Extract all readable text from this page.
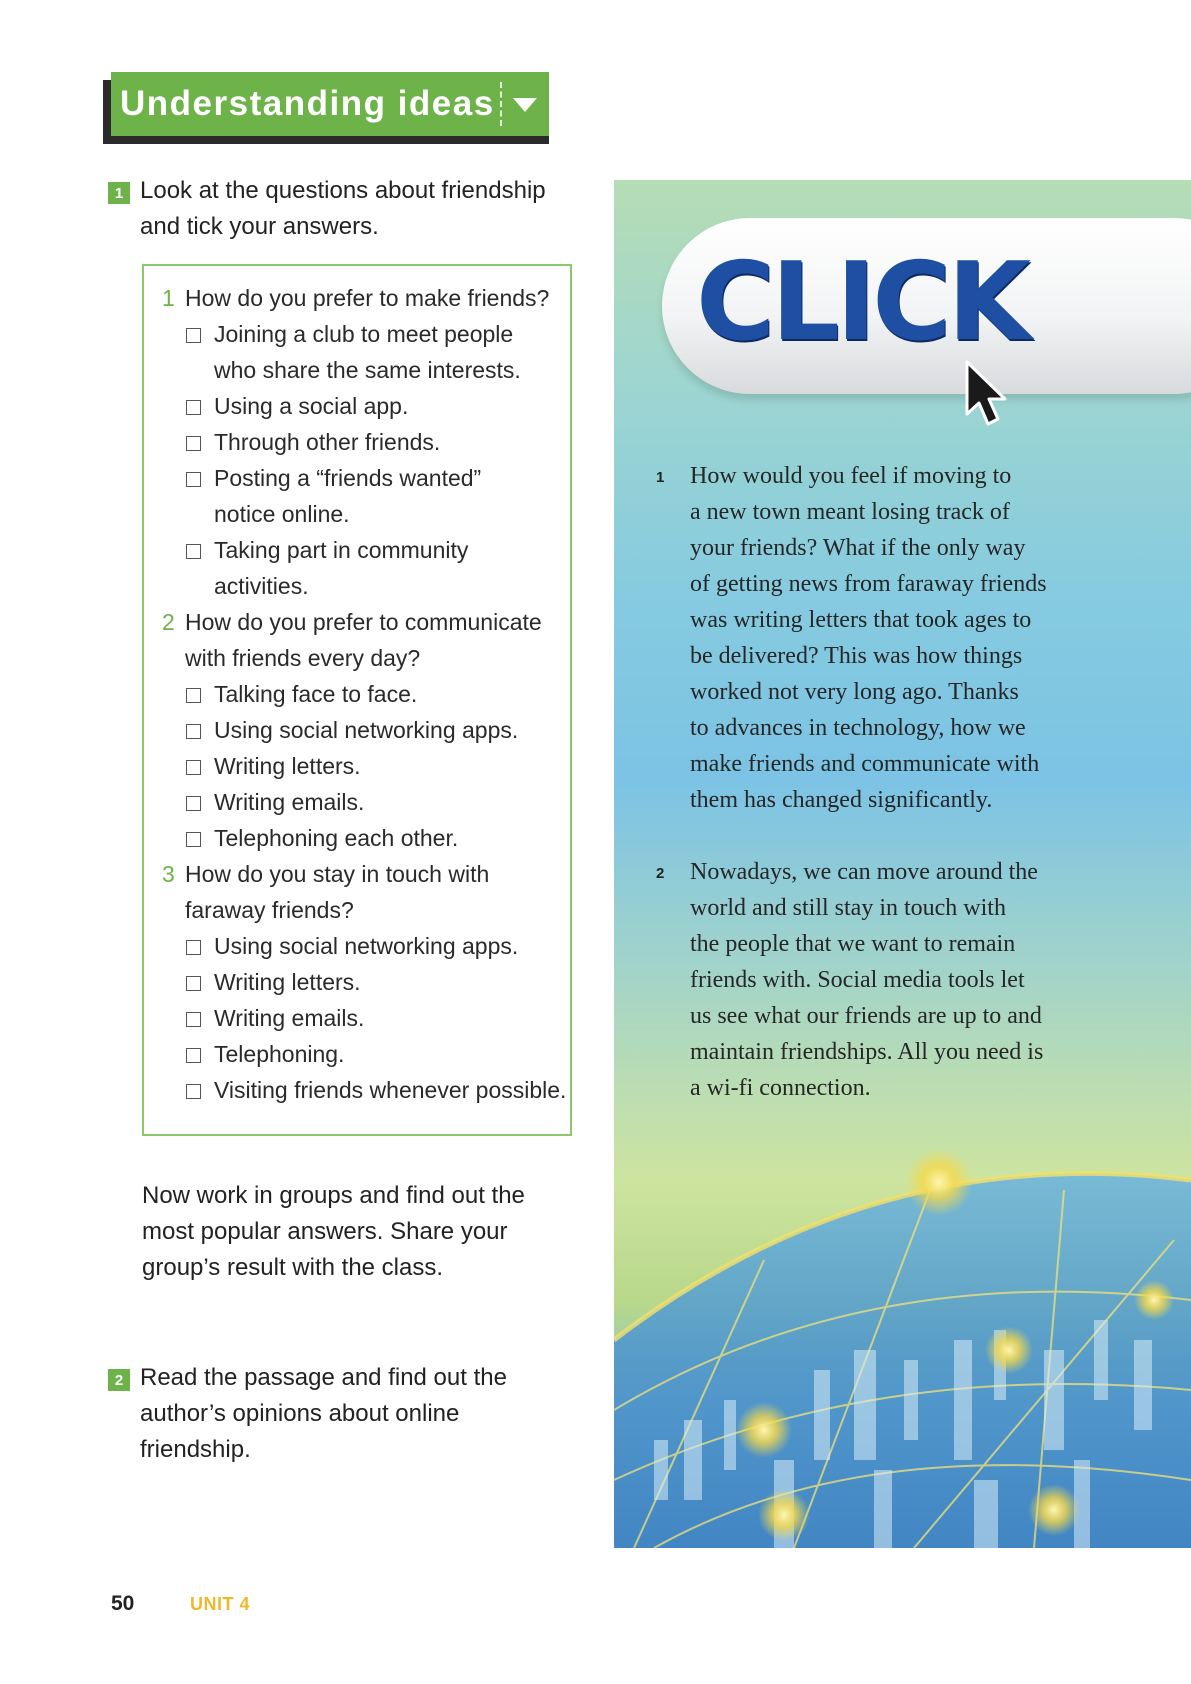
Understanding ideas
1 Look at the questions about friendship
and tick your answers.
1 How do you prefer to make friends?
Joining a club to meet people
who share the same interests.
Using a social app.
Through other friends.
Posting a “friends wanted”
notice online.
Taking part in community
activities.
2 How do you prefer to communicate
with friends every day?
Talking face to face.
Using social networking apps.
Writing letters.
Writing emails.
Telephoning each other.
3 How do you stay in touch with
faraway friends?
Using social networking apps.
Writing letters.
Writing emails.
Telephoning.
Visiting friends whenever possible.
Now work in groups and find out the
most popular answers. Share your
group’s result with the class.
2 Read the passage and find out the
author’s opinions about online
friendship.
50	UNIT 4
CLICK
1 How would you feel if moving to
a new town meant losing track of
your friends? What if the only way
of getting news from faraway friends
was writing letters that took ages to
be delivered? This was how things
worked not very long ago. Thanks
to advances in technology, how we
make friends and communicate with
them has changed significantly.
2 Nowadays, we can move around the
world and still stay in touch with
the people that we want to remain
friends with. Social media tools let
us see what our friends are up to and
maintain friendships. All you need is
a wi-fi connection.
